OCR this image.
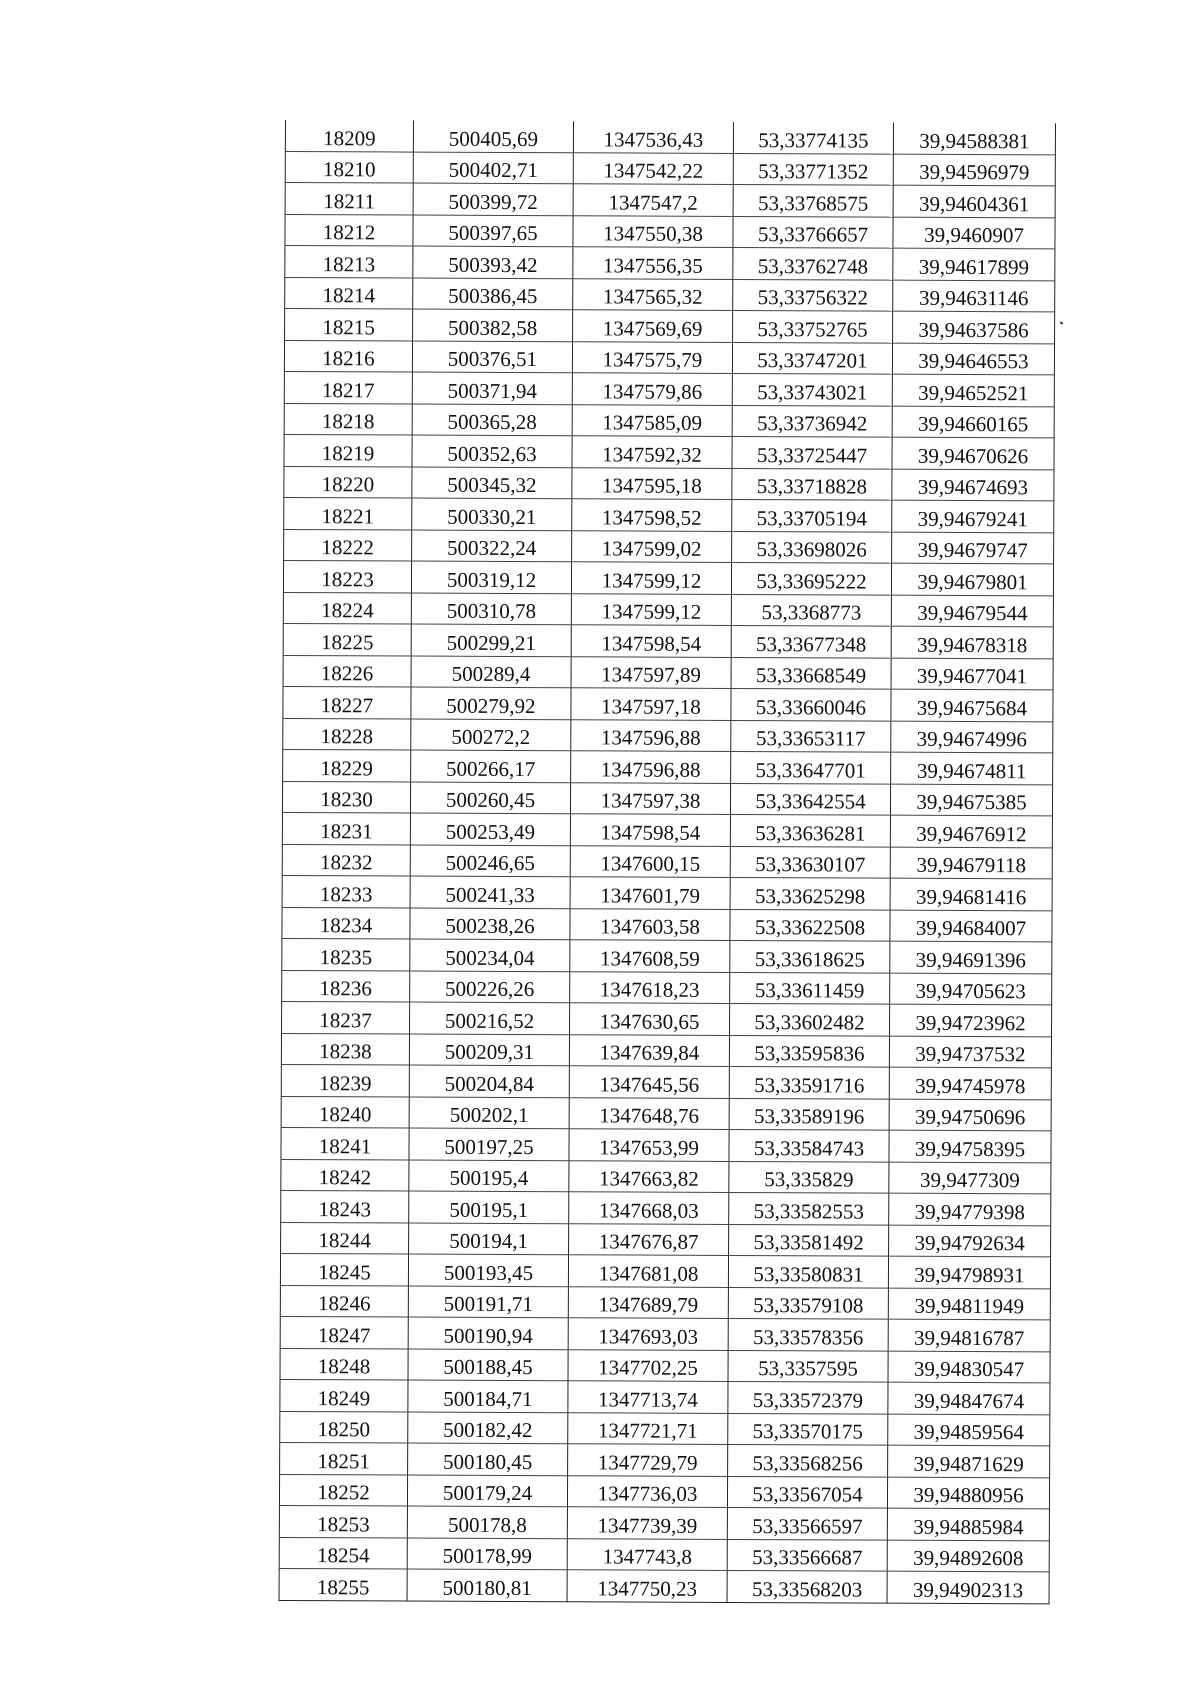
18209	500405,69	1347536,43	53,33774135	39,94588381
18210	500402,71	1347542,22	53,33771352	39,94596979
18211	500399,72	1347547,2	53,33768575	39,94604361
18212	500397,65	1347550,38	53,33766657	39,9460907
18213	500393,42	1347556,35	53,33762748	39,94617899
18214	500386,45	1347565,32	53,33756322	39,94631146
18215	500382,58	1347569,69	53,33752765	39,94637586
18216	500376,51	1347575,79	53,33747201	39,94646553
18217	500371,94	1347579,86	53,33743021	39,94652521
18218	500365,28	1347585,09	53,33736942	39,94660165
18219	500352,63	1347592,32	53,33725447	39,94670626
18220	500345,32	1347595,18	53,33718828	39,94674693
18221	500330,21	1347598,52	53,33705194	39,94679241
18222	500322,24	1347599,02	53,33698026	39,94679747
18223	500319,12	1347599,12	53,33695222	39,94679801
18224	500310,78	1347599,12	53,3368773	39,94679544
18225	500299,21	1347598,54	53,33677348	39,94678318
18226	500289,4	1347597,89	53,33668549	39,94677041
18227	500279,92	1347597,18	53,33660046	39,94675684
18228	500272,2	1347596,88	53,33653117	39,94674996
18229	500266,17	1347596,88	53,33647701	39,94674811
18230	500260,45	1347597,38	53,33642554	39,94675385
18231	500253,49	1347598,54	53,33636281	39,94676912
18232	500246,65	1347600,15	53,33630107	39,94679118
18233	500241,33	1347601,79	53,33625298	39,94681416
18234	500238,26	1347603,58	53,33622508	39,94684007
18235	500234,04	1347608,59	53,33618625	39,94691396
18236	500226,26	1347618,23	53,33611459	39,94705623
18237	500216,52	1347630,65	53,33602482	39,94723962
18238	500209,31	1347639,84	53,33595836	39,94737532
18239	500204,84	1347645,56	53,33591716	39,94745978
18240	500202,1	1347648,76	53,33589196	39,94750696
18241	500197,25	1347653,99	53,33584743	39,94758395
18242	500195,4	1347663,82	53,335829	39,9477309
18243	500195,1	1347668,03	53,33582553	39,94779398
18244	500194,1	1347676,87	53,33581492	39,94792634
18245	500193,45	1347681,08	53,33580831	39,94798931
18246	500191,71	1347689,79	53,33579108	39,94811949
18247	500190,94	1347693,03	53,33578356	39,94816787
18248	500188,45	1347702,25	53,3357595	39,94830547
18249	500184,71	1347713,74	53,33572379	39,94847674
18250	500182,42	1347721,71	53,33570175	39,94859564
18251	500180,45	1347729,79	53,33568256	39,94871629
18252	500179,24	1347736,03	53,33567054	39,94880956
18253	500178,8	1347739,39	53,33566597	39,94885984
18254	500178,99	1347743,8	53,33566687	39,94892608
18255	500180,81	1347750,23	53,33568203	39,94902313
